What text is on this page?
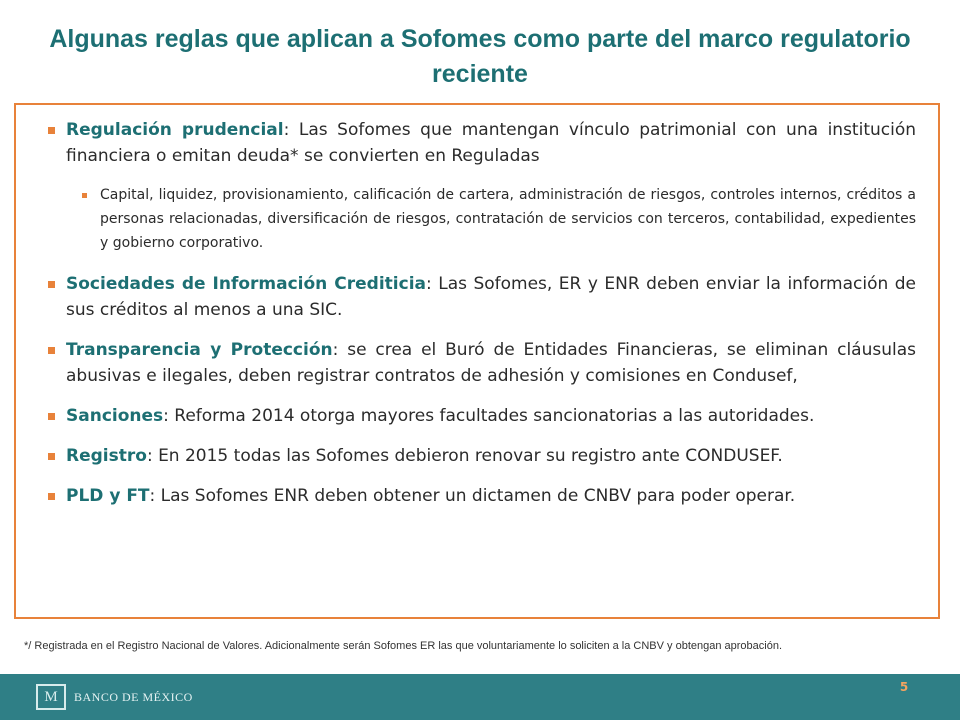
Algunas reglas que aplican a Sofomes como parte del marco regulatorio reciente
Regulación prudencial: Las Sofomes que mantengan vínculo patrimonial con una institución financiera o emitan deuda* se convierten en Reguladas
Capital, liquidez, provisionamiento, calificación de cartera, administración de riesgos, controles internos, créditos a personas relacionadas, diversificación de riesgos, contratación de servicios con terceros, contabilidad, expedientes y gobierno corporativo.
Sociedades de Información Crediticia: Las Sofomes, ER y ENR deben enviar la información de sus créditos al menos a una SIC.
Transparencia y Protección: se crea el Buró de Entidades Financieras, se eliminan cláusulas abusivas e ilegales, deben registrar contratos de adhesión y comisiones en Condusef,
Sanciones: Reforma 2014 otorga mayores facultades sancionatorias a las autoridades.
Registro: En 2015 todas las Sofomes debieron renovar su registro ante CONDUSEF.
PLD y FT: Las Sofomes ENR deben obtener un dictamen de CNBV para poder operar.
*/ Registrada en el Registro Nacional de Valores. Adicionalmente serán Sofomes ER las que voluntariamente lo soliciten a la CNBV y obtengan aprobación.
M	BANCO DE MÉXICO
5
